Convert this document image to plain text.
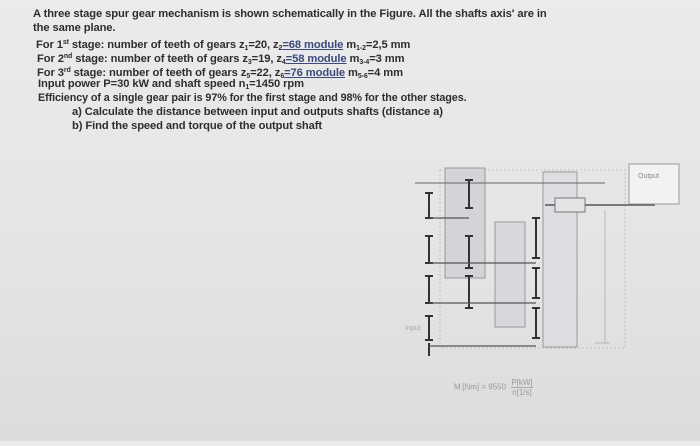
A three stage spur gear mechanism is shown schematically in the Figure. All the shafts axis' are in
the same plane.
For 1st stage: number of teeth of gears $z_1=20$, $z_2=68$ module $m_{1-2}=2,5$ mm
For 2nd stage: number of teeth of gears $z_3=19$, $z_4=58$ module $m_{3-4}=3$ mm
For 3rd stage: number of teeth of gears $z_5=22$, $z_6=76$ module $m_{5-6}=4$ mm
Input power P=30 kW and shaft speed $n_1=1450$ rpm
Efficiency of a single gear pair is 97% for the first stage and 98% for the other stages.
a) Calculate the distance between input and outputs shafts (distance a)
b) Find the speed and torque of the output shaft
Output
Input
M $[Nm] = 9550 \frac{P[kW]}{n[1/s]}$
